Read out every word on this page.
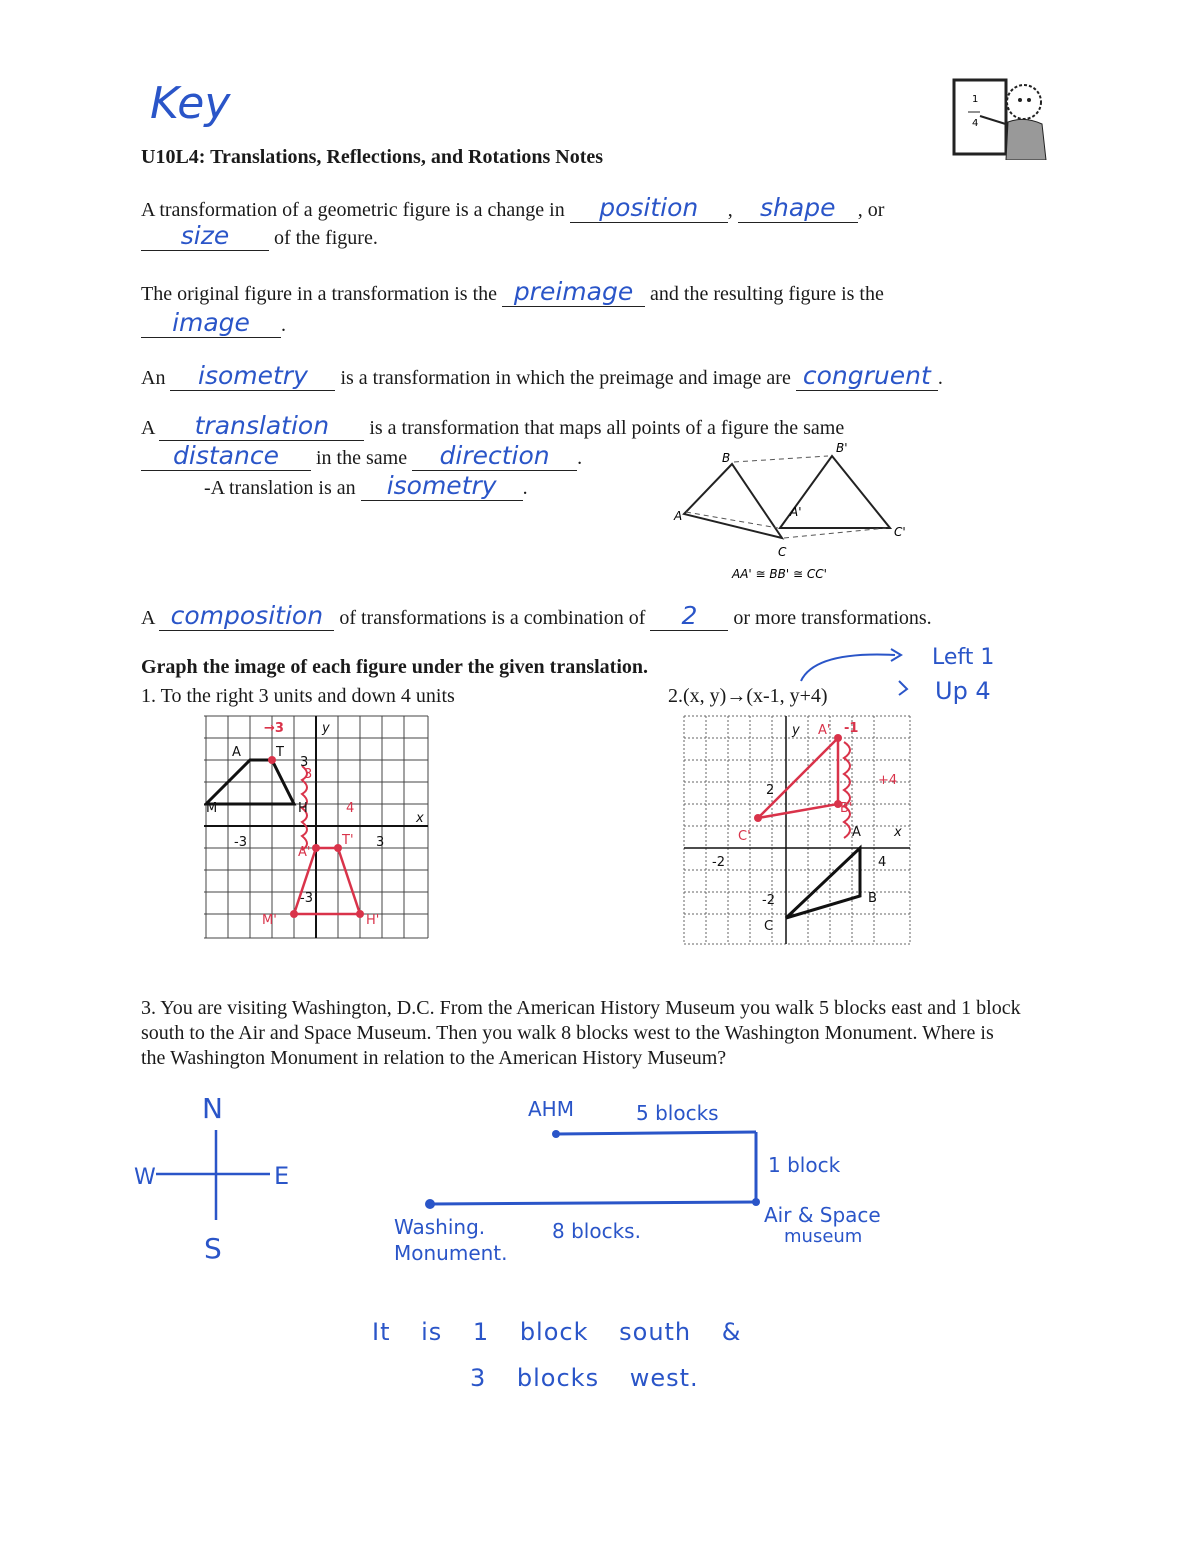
Key	1
4
U10L4: Translations, Reflections, and Rotations Notes
A transformation of a geometric figure is a change in position , shape , or
size of the figure.
The original figure in a transformation is the preimage and the resulting figure is the
image .
An isometry is a transformation in which the preimage and image are congruent .
A translation is a transformation that maps all points of a figure the same
distance in the same direction .
-A translation is an isometry .
A
B
C
A'
B'
C'
AA' ≅ BB' ≅ CC'
A composition of transformations is a combination of 2 or more transformations.
Graph the image of each figure under the given translation.
1. To the right 3 units and down 4 units	2.(x, y)→(x-1, y+4)
Left 1
Up 4
A	T
M	H
A'
T'
M'	H'
y
x
-3	3
-3
3
→3
3
4
A
B
C
A'
B'
C'
y
x
2
-2	4
-2
-1
+4
3. You are visiting Washington, D.C. From the American History Museum you walk 5 blocks east and 1 block south to the Air and Space Museum. Then you walk 8 blocks west to the Washington Monument. Where is the Washington Monument in relation to the American History Museum?
N
S
E
W
AHM	5 blocks
1 block
Air & Space
museum
8 blocks.
Washing.
Monument.
It is 1 block south &
3 blocks west.
